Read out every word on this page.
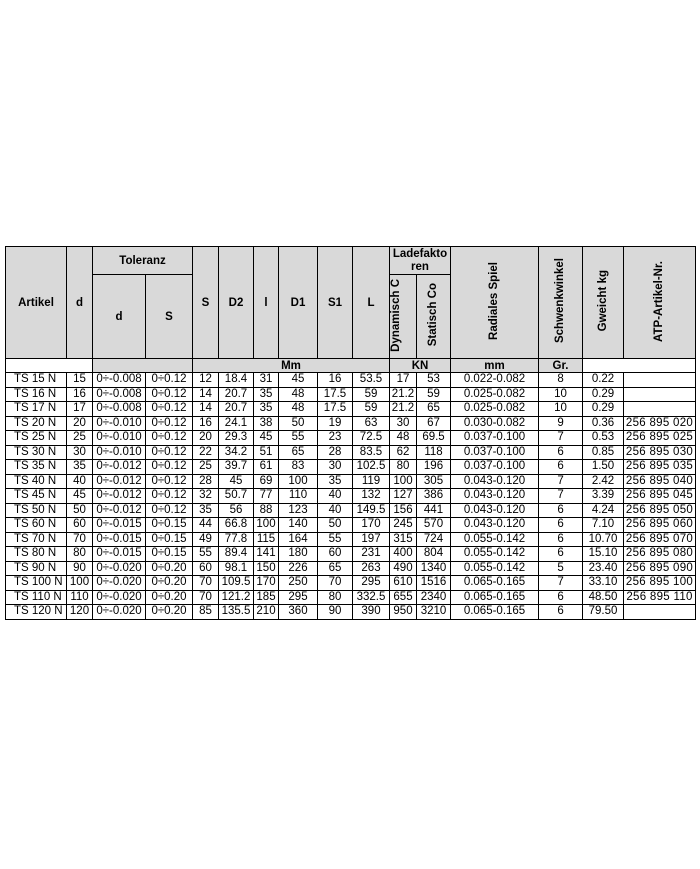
Artikel	d	Toleranz		S	D2	l	D1	S1	L	Ladefakto ren		Radiales Spiel	Schwenkwinkel	Gweicht kg	ATP-Artikel-Nr.
		d	S							Dynamisch C	Statisch Co				

				Mm						KN		mm	Gr.		
TS 15 N	15	0÷-0.008	0÷0.12	12	18.4	31	45	16	53.5	17	53	0.022-0.082	8	0.22	
TS 16 N	16	0÷-0.008	0÷0.12	14	20.7	35	48	17.5	59	21.2	59	0.025-0.082	10	0.29	
TS 17 N	17	0÷-0.008	0÷0.12	14	20.7	35	48	17.5	59	21.2	65	0.025-0.082	10	0.29	
TS 20 N	20	0÷-0.010	0÷0.12	16	24.1	38	50	19	63	30	67	0.030-0.082	9	0.36	256 895 020
TS 25 N	25	0÷-0.010	0÷0.12	20	29.3	45	55	23	72.5	48	69.5	0.037-0.100	7	0.53	256 895 025
TS 30 N	30	0÷-0.010	0÷0.12	22	34.2	51	65	28	83.5	62	118	0.037-0.100	6	0.85	256 895 030
TS 35 N	35	0÷-0.012	0÷0.12	25	39.7	61	83	30	102.5	80	196	0.037-0.100	6	1.50	256 895 035
TS 40 N	40	0÷-0.012	0÷0.12	28	45	69	100	35	119	100	305	0.043-0.120	7	2.42	256 895 040
TS 45 N	45	0÷-0.012	0÷0.12	32	50.7	77	110	40	132	127	386	0.043-0.120	7	3.39	256 895 045
TS 50 N	50	0÷-0.012	0÷0.12	35	56	88	123	40	149.5	156	441	0.043-0.120	6	4.24	256 895 050
TS 60 N	60	0÷-0.015	0÷0.15	44	66.8	100	140	50	170	245	570	0.043-0.120	6	7.10	256 895 060
TS 70 N	70	0÷-0.015	0÷0.15	49	77.8	115	164	55	197	315	724	0.055-0.142	6	10.70	256 895 070
TS 80 N	80	0÷-0.015	0÷0.15	55	89.4	141	180	60	231	400	804	0.055-0.142	6	15.10	256 895 080
TS 90 N	90	0÷-0.020	0÷0.20	60	98.1	150	226	65	263	490	1340	0.055-0.142	5	23.40	256 895 090
TS 100 N	100	0÷-0.020	0÷0.20	70	109.5	170	250	70	295	610	1516	0.065-0.165	7	33.10	256 895 100
TS 110 N	110	0÷-0.020	0÷0.20	70	121.2	185	295	80	332.5	655	2340	0.065-0.165	6	48.50	256 895 110
TS 120 N	120	0÷-0.020	0÷0.20	85	135.5	210	360	90	390	950	3210	0.065-0.165	6	79.50	
